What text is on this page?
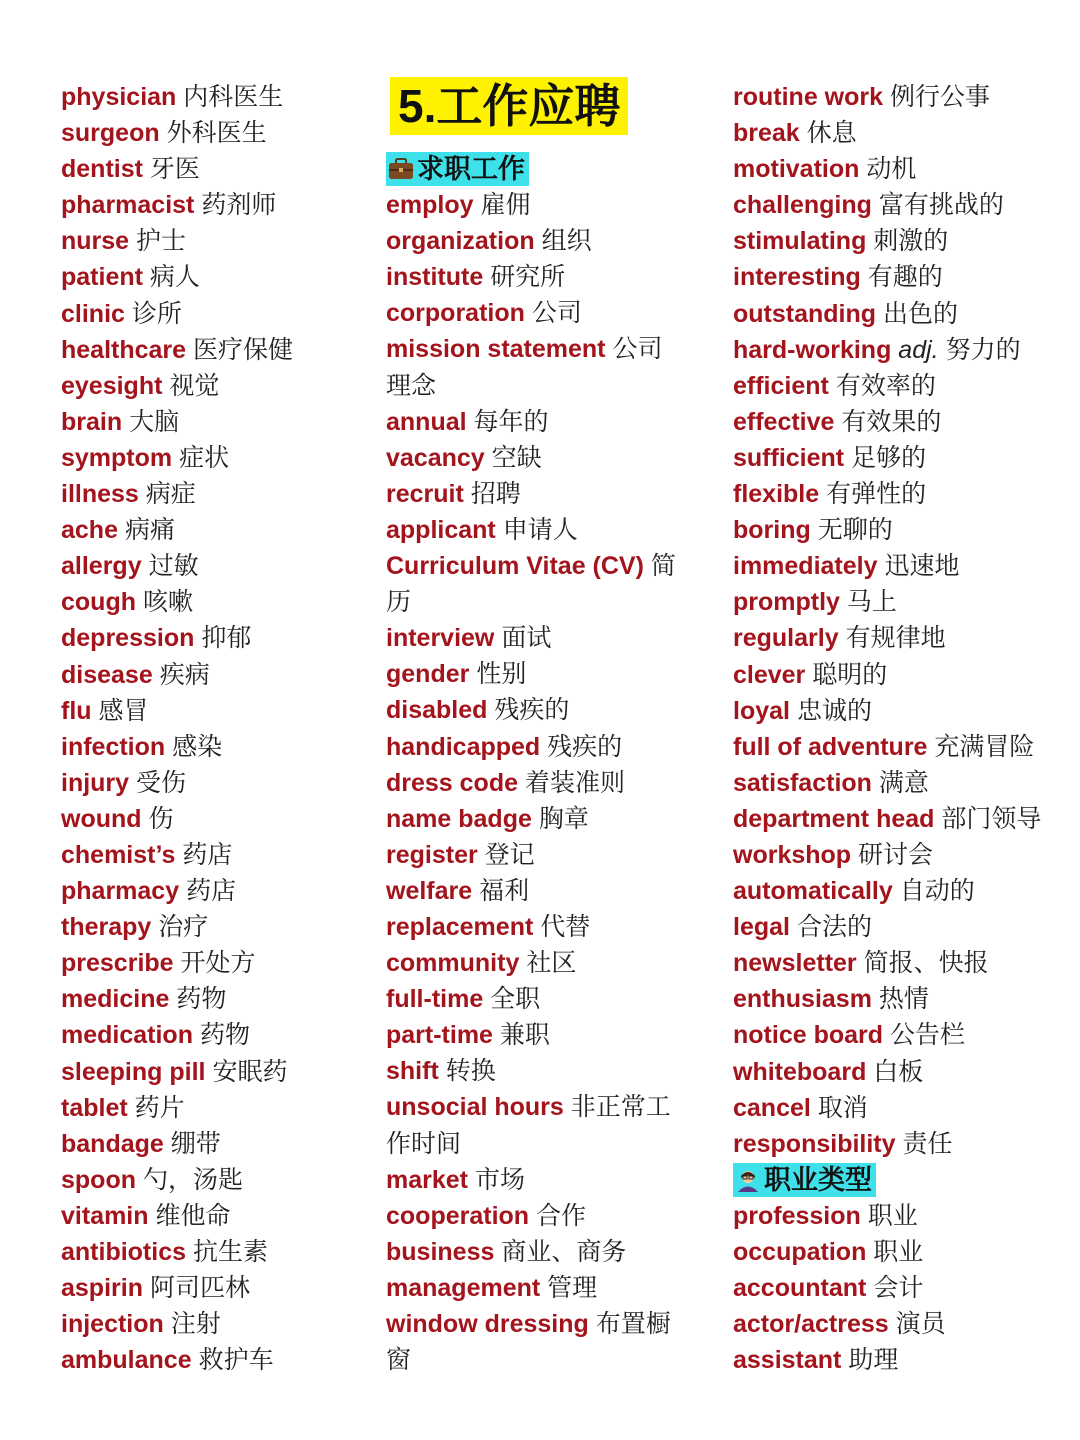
physician 内科医生
surgeon 外科医生
dentist 牙医
pharmacist 药剂师
nurse 护士
patient 病人
clinic 诊所
healthcare 医疗保健
eyesight 视觉
brain 大脑
symptom 症状
illness 病症
ache 病痛
allergy 过敏
cough 咳嗽
depression 抑郁
disease 疾病
flu 感冒
infection 感染
injury 受伤
wound 伤
chemist’s 药店
pharmacy 药店
therapy 治疗
prescribe 开处方
medicine 药物
medication 药物
sleeping pill 安眠药
tablet 药片
bandage 绷带
spoon 勺，汤匙
vitamin 维他命
antibiotics 抗生素
aspirin 阿司匹林
injection 注射
ambulance 救护车
5.工作应聘
求职工作
employ 雇佣
organization 组织
institute 研究所
corporation 公司
mission statement 公司理念
annual 每年的
vacancy 空缺
recruit 招聘
applicant 申请人
Curriculum Vitae (CV) 简历
interview 面试
gender 性别
disabled 残疾的
handicapped 残疾的
dress code 着装准则
name badge 胸章
register 登记
welfare 福利
replacement 代替
community 社区
full-time 全职
part-time 兼职
shift 转换
unsocial hours 非正常工作时间
market 市场
cooperation 合作
business 商业、商务
management 管理
window dressing 布置橱窗
routine work 例行公事
break 休息
motivation 动机
challenging 富有挑战的
stimulating 刺激的
interesting 有趣的
outstanding 出色的
hard-working adj. 努力的
efficient 有效率的
effective 有效果的
sufficient 足够的
flexible 有弹性的
boring 无聊的
immediately 迅速地
promptly 马上
regularly 有规律地
clever 聪明的
loyal 忠诚的
full of adventure 充满冒险
satisfaction 满意
department head 部门领导
workshop 研讨会
automatically 自动的
legal 合法的
newsletter 简报、快报
enthusiasm 热情
notice board 公告栏
whiteboard 白板
cancel 取消
responsibility 责任
职业类型
profession 职业
occupation 职业
accountant 会计
actor/actress 演员
assistant 助理
